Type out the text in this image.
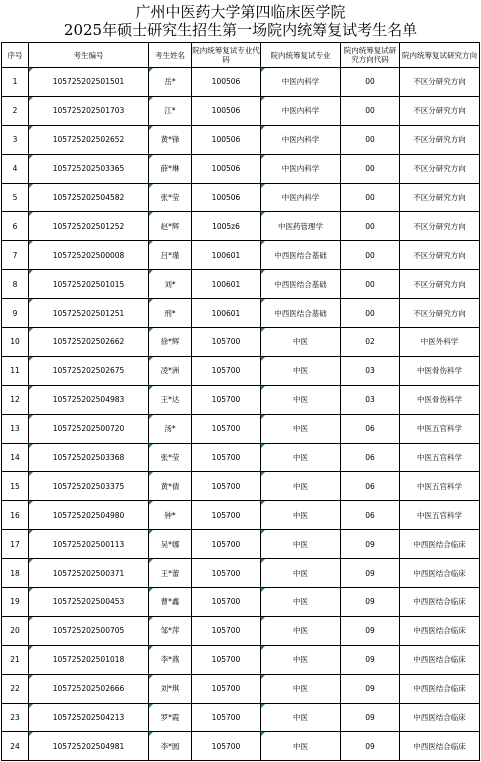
广州中医药大学第四临床医学院
2025年硕士研究生招生第一场院内统筹复试考生名单
序号	考生编号	考生姓名	院内统筹复试专业代码	院内统筹复试专业	院内统筹复试研究方向代码	院内统筹复试研究方向
1	105725202501501	岳*	100506	中医内科学	00	不区分研究方向
2	105725202501703	江*	100506	中医内科学	00	不区分研究方向
3	105725202502652	黄*锋	100506	中医内科学	00	不区分研究方向
4	105725202503365	薛*琳	100506	中医内科学	00	不区分研究方向
5	105725202504582	张*莹	100506	中医内科学	00	不区分研究方向
6	105725202501252	赵*辉	1005z6	中医药管理学	00	不区分研究方向
7	105725202500008	吕*瑾	100601	中西医结合基础	00	不区分研究方向
8	105725202501015	刘*	100601	中西医结合基础	00	不区分研究方向
9	105725202501251	刑*	100601	中西医结合基础	00	不区分研究方向
10	105725202502662	徐*辉	105700	中医	02	中医外科学
11	105725202502675	凌*洲	105700	中医	03	中医骨伤科学
12	105725202504983	王*达	105700	中医	03	中医骨伤科学
13	105725202500720	汤*	105700	中医	06	中医五官科学
14	105725202503368	张*莹	105700	中医	06	中医五官科学
15	105725202503375	黄*倩	105700	中医	06	中医五官科学
16	105725202504980	钟*	105700	中医	06	中医五官科学
17	105725202500113	吴*娜	105700	中医	09	中西医结合临床
18	105725202500371	王*蕾	105700	中医	09	中西医结合临床
19	105725202500453	曹*鑫	105700	中医	09	中西医结合临床
20	105725202500705	邹*萍	105700	中医	09	中西医结合临床
21	105725202501018	李*燕	105700	中医	09	中西医结合临床
22	105725202502666	刘*琪	105700	中医	09	中西医结合临床
23	105725202504213	罗*霞	105700	中医	09	中西医结合临床
24	105725202504981	李*圆	105700	中医	09	中西医结合临床
